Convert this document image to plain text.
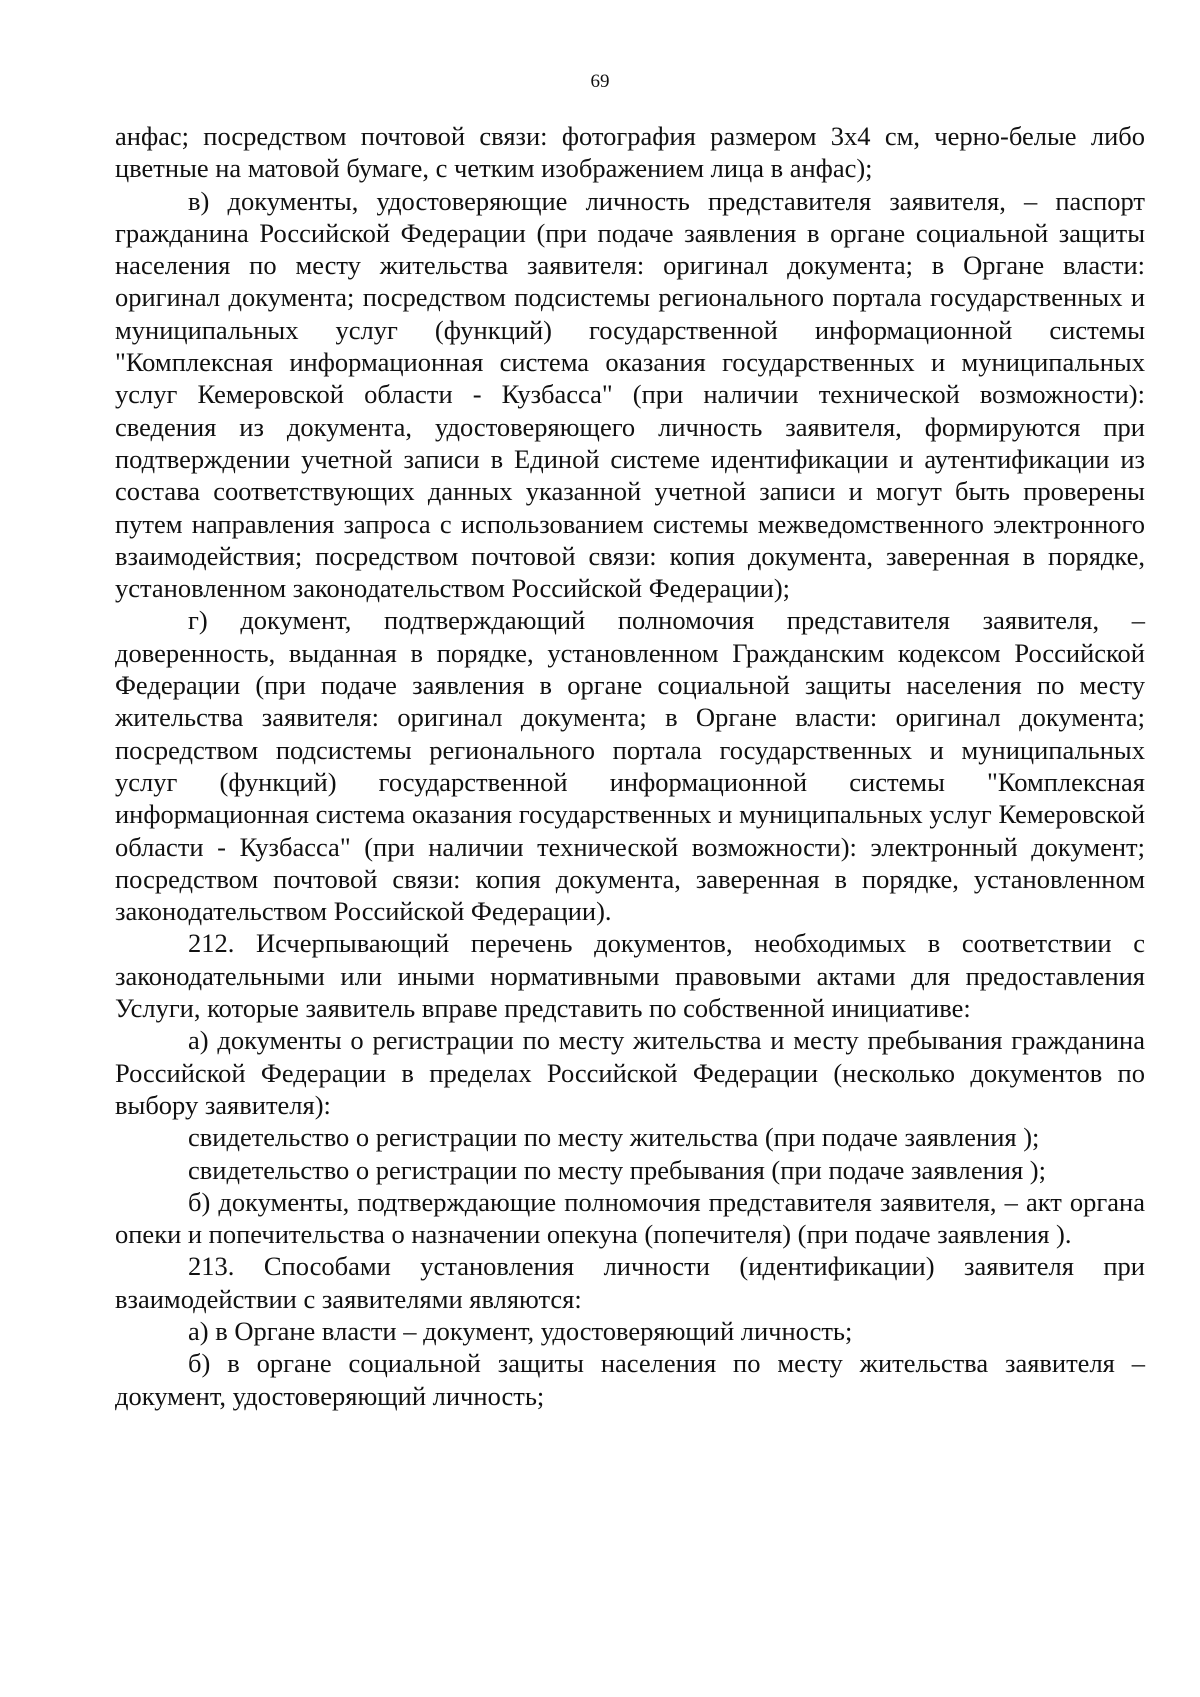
69

анфас; посредством почтовой связи: фотография размером 3х4 см, черно-белые либо цветные на матовой бумаге, с четким изображением лица в анфас);

в) документы, удостоверяющие личность представителя заявителя, – паспорт гражданина Российской Федерации (при подаче заявления в органе социальной защиты населения по месту жительства заявителя: оригинал документа; в Органе власти: оригинал документа; посредством подсистемы регионального портала государственных и муниципальных услуг (функций) государственной информационной системы "Комплексная информационная система оказания государственных и муниципальных услуг Кемеровской области - Кузбасса" (при наличии технической возможности): сведения из документа, удостоверяющего личность заявителя, формируются при подтверждении учетной записи в Единой системе идентификации и аутентификации из состава соответствующих данных указанной учетной записи и могут быть проверены путем направления запроса с использованием системы межведомственного электронного взаимодействия; посредством почтовой связи: копия документа, заверенная в порядке, установленном законодательством Российской Федерации);

г) документ, подтверждающий полномочия представителя заявителя, – доверенность, выданная в порядке, установленном Гражданским кодексом Российской Федерации (при подаче заявления в органе социальной защиты населения по месту жительства заявителя: оригинал документа; в Органе власти: оригинал документа; посредством подсистемы регионального портала государственных и муниципальных услуг (функций) государственной информационной системы "Комплексная информационная система оказания государственных и муниципальных услуг Кемеровской области - Кузбасса" (при наличии технической возможности): электронный документ; посредством почтовой связи: копия документа, заверенная в порядке, установленном законодательством Российской Федерации).

212. Исчерпывающий перечень документов, необходимых в соответствии с законодательными или иными нормативными правовыми актами для предоставления Услуги, которые заявитель вправе представить по собственной инициативе:

а) документы о регистрации по месту жительства и месту пребывания гражданина Российской Федерации в пределах Российской Федерации (несколько документов по выбору заявителя):

свидетельство о регистрации по месту жительства (при подаче заявления );

свидетельство о регистрации по месту пребывания (при подаче заявления );

б) документы, подтверждающие полномочия представителя заявителя, – акт органа опеки и попечительства о назначении опекуна (попечителя) (при подаче заявления ).

213. Способами установления личности (идентификации) заявителя при взаимодействии с заявителями являются:

а) в Органе власти – документ, удостоверяющий личность;

б) в органе социальной защиты населения по месту жительства заявителя – документ, удостоверяющий личность;
